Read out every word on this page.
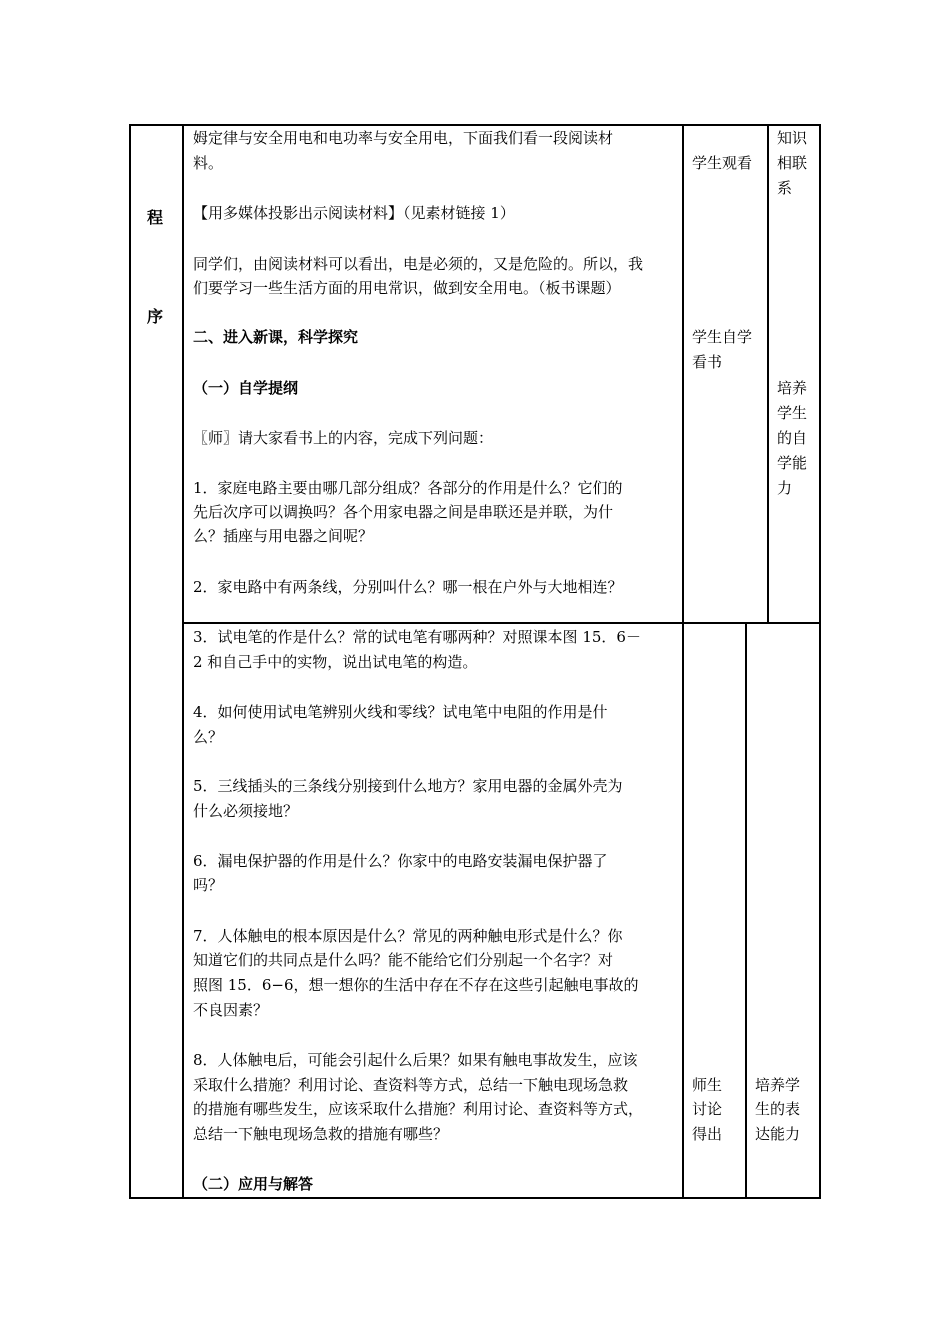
程
序
姆定律与安全用电和电功率与安全用电，下面我们看一段阅读材
料。
【用多媒体投影出示阅读材料】（见素材链接 1）
同学们，由阅读材料可以看出，电是必须的，又是危险的。所以，我
们要学习一些生活方面的用电常识，做到安全用电。（板书课题）
二、进入新课，科学探究
（一）自学提纲
〖师〗请大家看书上的内容，完成下列问题：
1．家庭电路主要由哪几部分组成？各部分的作用是什么？它们的
先后次序可以调换吗？各个用家电器之间是串联还是并联，为什
么？插座与用电器之间呢？
2．家电路中有两条线，分别叫什么？哪一根在户外与大地相连？
学生观看
学生自学
看书
知识
相联
系
培养
学生
的自
学能
力
3．试电笔的作是什么？常的试电笔有哪两种？对照课本图 15．6－
2 和自己手中的实物，说出试电笔的构造。
4．如何使用试电笔辨别火线和零线？试电笔中电阻的作用是什
么？
5．三线插头的三条线分别接到什么地方？家用电器的金属外壳为
什么必须接地？
6．漏电保护器的作用是什么？你家中的电路安装漏电保护器了
吗？
7．人体触电的根本原因是什么？常见的两种触电形式是什么？你
知道它们的共同点是什么吗？能不能给它们分别起一个名字？对
照图 15．6−6，想一想你的生活中存在不存在这些引起触电事故的
不良因素？
8．人体触电后，可能会引起什么后果？如果有触电事故发生，应该
采取什么措施？利用讨论、查资料等方式，总结一下触电现场急救
的措施有哪些发生，应该采取什么措施？利用讨论、查资料等方式，
总结一下触电现场急救的措施有哪些？
（二）应用与解答
师生
讨论
得出
培养学
生的表
达能力
